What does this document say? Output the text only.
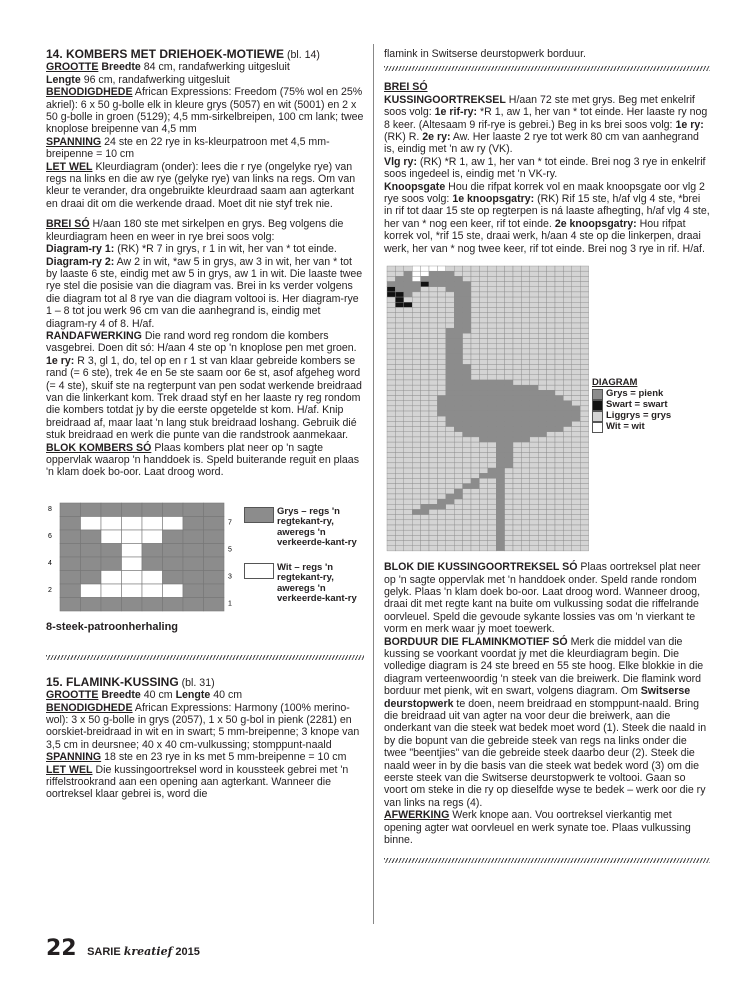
14. KOMBERS MET DRIEHOEK-MOTIEWE (bl. 14)

GROOTTE Breedte 84 cm, randafwerking uitgesluit

Lengte 96 cm, randafwerking uitgesluit

BENODIGDHEDE African Expressions: Freedom (75% wol en 25% akriel): 6 x 50 g-bolle elk in kleure grys (5057) en wit (5001) en 2 x 50 g-bolle in groen (5129); 4,5 mm-sirkelbreipen, 100 cm lank; twee knoplose breipenne van 4,5 mm

SPANNING 24 ste en 22 rye in ks-kleurpatroon met 4,5 mm-breipenne = 10 cm

LET WEL Kleurdiagram (onder): lees die r rye (ongelyke rye) van regs na links en die aw rye (gelyke rye) van links na regs. Om van kleur te verander, dra ongebruikte kleurdraad saam aan agterkant en draai dit om die werkende draad. Moet dit nie styf trek nie.

BREI SÓ H/aan 180 ste met sirkelpen en grys. Beg volgens die kleurdiagram heen en weer in rye brei soos volg:

Diagram-ry 1: (RK) *R 7 in grys, r 1 in wit, her van * tot einde.

Diagram-ry 2: Aw 2 in wit, *aw 5 in grys, aw 3 in wit, her van * tot by laaste 6 ste, eindig met aw 5 in grys, aw 1 in wit. Die laaste twee rye stel die posisie van die diagram vas. Brei in ks verder volgens die diagram tot al 8 rye van die diagram voltooi is. Her diagram-rye 1 – 8 tot jou werk 96 cm van die aanhegrand is, eindig met diagram-ry 4 of 8. H/af.

RANDAFWERKING Die rand word reg rondom die kombers vasgebrei. Doen dit só: H/aan 4 ste op 'n knoplose pen met groen. 1e ry: R 3, gl 1, do, tel op en r 1 st van klaar gebreide kombers se rand (= 6 ste), trek 4e en 5e ste saam oor 6e st, asof afgeheg word (= 4 ste), skuif ste na regterpunt van pen sodat werkende breidraad van die linkerkant kom. Trek draad styf en her laaste ry reg rondom die kombers totdat jy by die eerste opgetelde st kom. H/af. Knip breidraad af, maar laat 'n lang stuk breidraad loshang. Gebruik dié stuk breidraad en werk die punte van die randstrook aanmekaar.

BLOK KOMBERS SÓ Plaas kombers plat neer op 'n sagte oppervlak waarop 'n handdoek is. Speld buiterande reguit en plaas 'n klam doek bo-oor. Laat droog word.

8
6
4
2
7
5
3
1
Grys – regs 'n regtekant-ry, aweregs 'n verkeerde-kant-ry
Wit – regs 'n regtekant-ry, aweregs 'n verkeerde-kant-ry
8-steek-patroonherhaling

15. FLAMINK-KUSSING (bl. 31)

GROOTTE Breedte 40 cm Lengte 40 cm

BENODIGDHEDE African Expressions: Harmony (100% merino-wol): 3 x 50 g-bolle in grys (2057), 1 x 50 g-bol in pienk (2281) en oorskiet-breidraad in wit en in swart; 5 mm-breipenne; 3 knope van 3,5 cm in deursnee; 40 x 40 cm-vulkussing; stomppunt-naald

SPANNING 18 ste en 23 rye in ks met 5 mm-breipenne = 10 cm

LET WEL Die kussingoortreksel word in koussteek gebrei met 'n riffelstrookrand aan een opening aan agterkant. Wanneer die oortreksel klaar gebrei is, word die

flamink in Switserse deurstopwerk borduur.

BREI SÓ

KUSSINGOORTREKSEL H/aan 72 ste met grys. Beg met enkelrif soos volg: 1e rif-ry: *R 1, aw 1, her van * tot einde. Her laaste ry nog 8 keer. (Altesaam 9 rif-rye is gebrei.) Beg in ks brei soos volg: 1e ry: (RK) R. 2e ry: Aw. Her laaste 2 rye tot werk 80 cm van aanhegrand is, eindig met 'n aw ry (VK).

Vlg ry: (RK) *R 1, aw 1, her van * tot einde. Brei nog 3 rye in enkelrif soos ingedeel is, eindig met 'n VK-ry.

Knoopsgate Hou die rifpat korrek vol en maak knoopsgate oor vlg 2 rye soos volg: 1e knoopsgatry: (RK) Rif 15 ste, h/af vlg 4 ste, *brei in rif tot daar 15 ste op regterpen is ná laaste afhegting, h/af vlg 4 ste, her van * nog een keer, rif tot einde. 2e knoopsgatry: Hou rifpat korrek vol, *rif 15 ste, draai werk, h/aan 4 ste op die linkerpen, draai werk, her van * nog twee keer, rif tot einde. Brei nog 3 rye in rif. H/af.

DIAGRAM
Grys = pienk
Swart = swart
Liggrys = grys
Wit = wit

BLOK DIE KUSSINGOORTREKSEL SÓ Plaas oortreksel plat neer op 'n sagte oppervlak met 'n handdoek onder. Speld rande rondom gelyk. Plaas 'n klam doek bo-oor. Laat droog word. Wanneer droog, draai dit met regte kant na buite om vulkussing sodat die riffelrande oorvleuel. Speld die gevoude sykante lossies vas om 'n vierkant te vorm en merk waar jy moet toewerk.

BORDUUR DIE FLAMINKMOTIEF SÓ Merk die middel van die kussing se voorkant voordat jy met die kleurdiagram begin. Die volledige diagram is 24 ste breed en 55 ste hoog. Elke blokkie in die diagram verteenwoordig 'n steek van die breiwerk. Die flamink word borduur met pienk, wit en swart, volgens diagram. Om Switserse deurstopwerk te doen, neem breidraad en stomppunt-naald. Bring die breidraad uit van agter na voor deur die breiwerk, aan die onderkant van die steek wat bedek moet word (1). Steek die naald in by die bopunt van die gebreide steek van regs na links onder die twee "beentjies" van die gebreide steek daarbo deur (2). Steek die naald weer in by die basis van die steek wat bedek word (3) om die eerste steek van die Switserse deurstopwerk te voltooi. Gaan so voort om steke in die ry op dieselfde wyse te bedek – werk oor die ry van links na regs (4).

AFWERKING Werk knope aan. Vou oortreksel vierkantig met opening agter wat oorvleuel en werk synate toe. Plaas vulkussing binne.

22 SARIE kreatief 2015
